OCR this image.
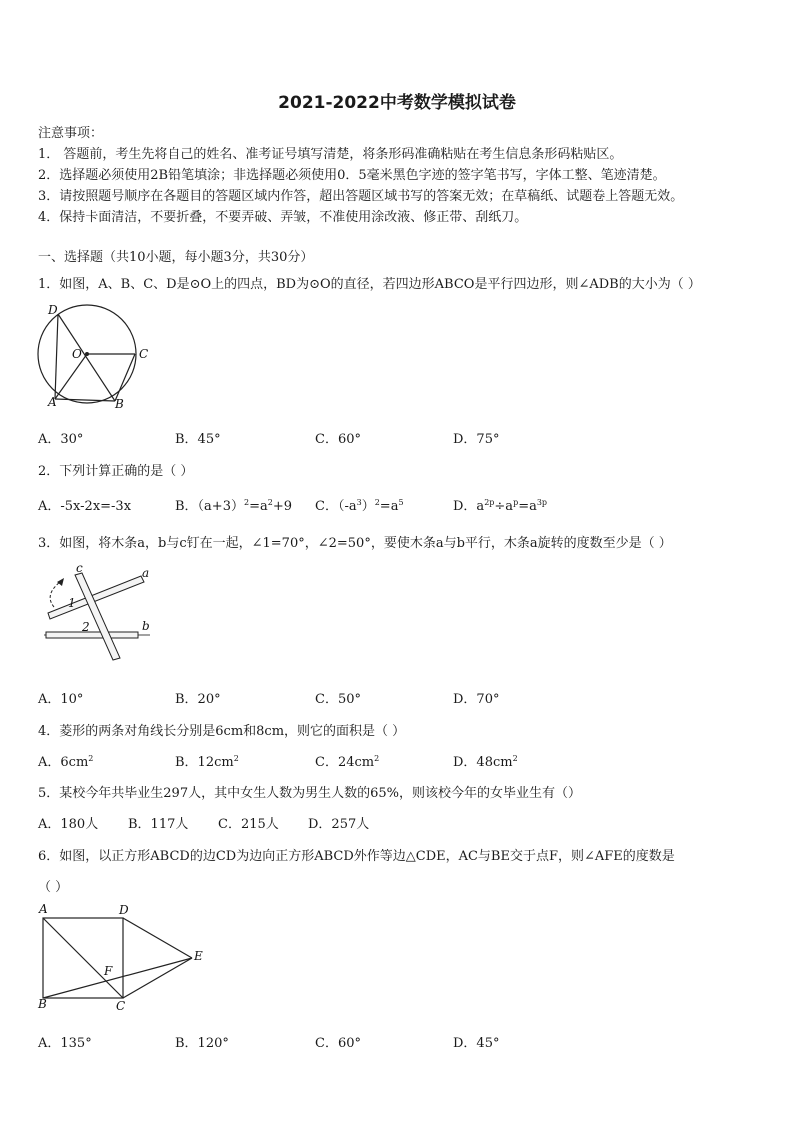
2021-2022中考数学模拟试卷
注意事项：
1． 答题前，考生先将自己的姓名、准考证号填写清楚，将条形码准确粘贴在考生信息条形码粘贴区。
2．选择题必须使用2B铅笔填涂；非选择题必须使用0．5毫米黑色字迹的签字笔书写，字体工整、笔迹清楚。
3．请按照题号顺序在各题目的答题区域内作答，超出答题区域书写的答案无效；在草稿纸、试题卷上答题无效。
4．保持卡面清洁，不要折叠，不要弄破、弄皱，不准使用涂改液、修正带、刮纸刀。
一、选择题（共10小题，每小题3分，共30分）
1．如图，A、B、C、D是⊙O上的四点，BD为⊙O的直径，若四边形ABCO是平行四边形，则∠ADB的大小为（ ）
D
O	C
A	B
A．30°	B．45°	C．60°	D．75°
2．下列计算正确的是（ ）
A．-5x-2x=-3x	B．$(a+3)^2=a^2+9$ C．$(-a^3)^2=a^5$	D．$a^{2p}\div a^p=a^{3p}$
3．如图，将木条a，b与c钉在一起，∠1=70°，∠2=50°，要使木条a与b平行，木条a旋转的度数至少是（ ）
c	a
1
2	b
A．10°	B．20°	C．50°	D．70°
4．菱形的两条对角线长分别是6cm和8cm，则它的面积是（ ）
A．$6cm^2$	B．$12cm^2$	C．$24cm^2$	D．$48cm^2$
5．某校今年共毕业生297人，其中女生人数为男生人数的65%，则该校今年的女毕业生有（）
A．180人 B．117人 C．215人 D．257人
6．如图，以正方形ABCD的边CD为边向正方形ABCD外作等边△CDE，AC与BE交于点F，则∠AFE的度数是
（ ）
A	D
E
F
B	C
A．135°	B．120°	C．60°	D．45°
